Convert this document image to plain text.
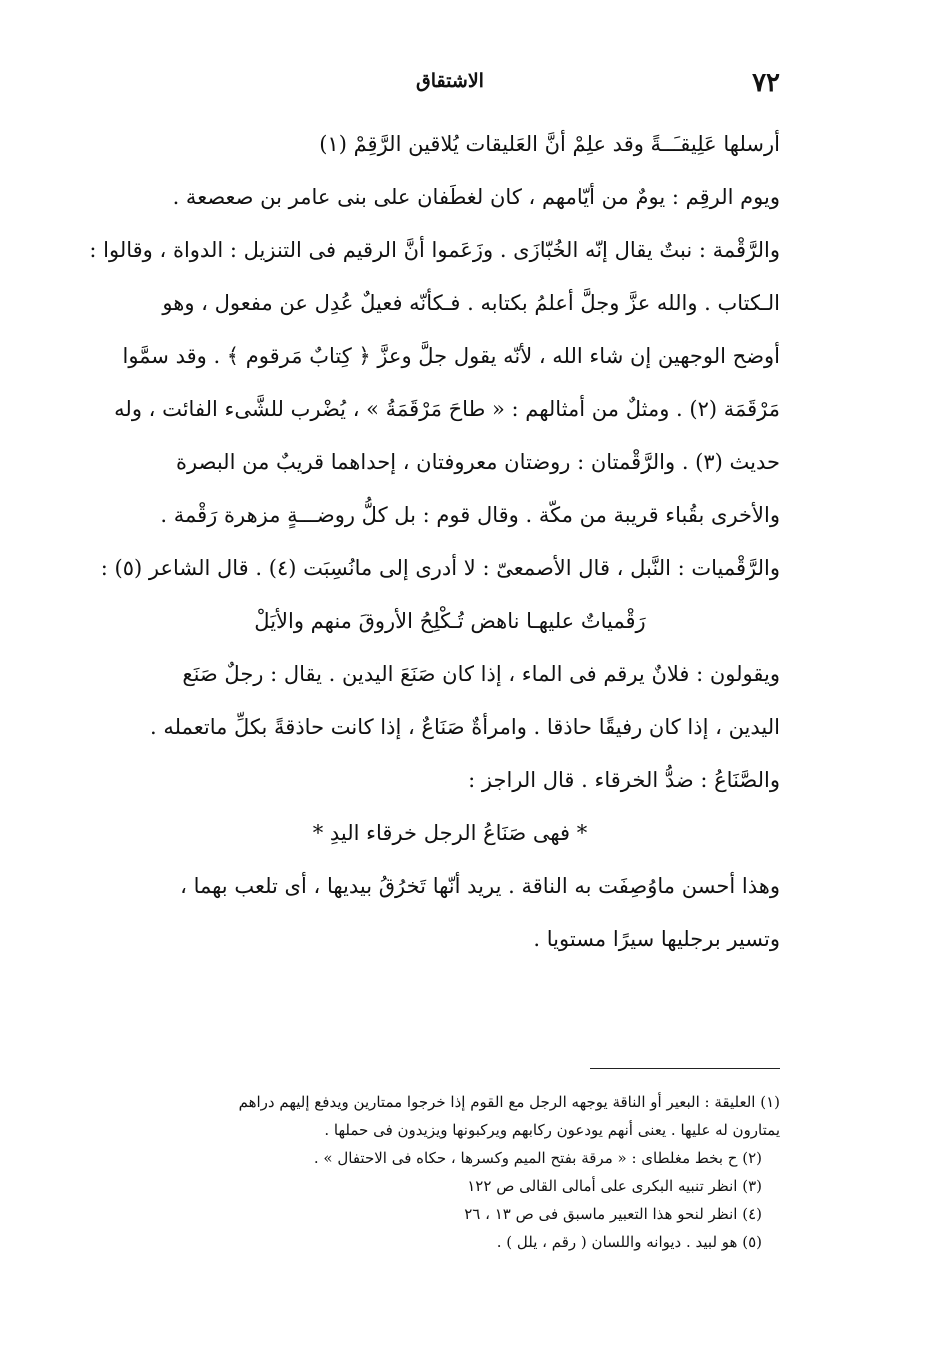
٧٢
الاشتقاق
أرسلها عَلِيقـَــةً وقد علِمْ أنَّ العَليقات يُلاقين الرَّقِمْ (١)
ويوم الرقِم : يومٌ من أيّامهم ، كان لغطَفان على بنى عامر بن صعصعة .
والرَّقْمة : نبتٌ يقال إنّه الخُبّازَى . وزَعَموا أنَّ الرقيم فى التنزيل : الدواة ، وقالوا :
الـكتاب . والله عزَّ وجلَّ أعلمُ بكتابه . فـكأنّه فعيلٌ عُدِل عن مفعول ، وهو
أوضح الوجهين إن شاء الله ، لأنّه يقول جلَّ وعزَّ ﴿ كِتابٌ مَرقوم ﴾ . وقد سمَّوا
مَرْقَمَة (٢) . ومثلٌ من أمثالهم : « طاحَ مَرْقَمَةُ » ، يُضْرب للشَّىء الفائت ، وله
حديث (٣) . والرَّقْمتان : روضتان معروفتان ، إحداهما قريبٌ من البصرة
والأخرى بقُباء قريبة من مكّة . وقال قوم : بل كلُّ روضـــةٍ مزهرة رَقْمة .
والرَّقْميات : النَّبل ، قال الأصمعىّ : لا أدرى إلى مانُسِبَت (٤) . قال الشاعر (٥) :
رَقْمياتٌ عليهـا ناهض تُـكْلِحُ الأروقَ منهم والأيَلْ
ويقولون : فلانٌ يرقم فى الماء ، إذا كان صَنَعَ اليدين . يقال : رجلٌ صَنَع
اليدين ، إذا كان رفيقًا حاذقا . وامرأةٌ صَنَاعٌ ، إذا كانت حاذقةً بكلِّ ماتعمله .
والصَّنَاعُ : ضدُّ الخرقاء . قال الراجز :
* فهى صَنَاعُ الرجل خرقاء اليدِ *
وهذا أحسن ماوُصِفَت به الناقة . يريد أنّها تَخرُقُ بيديها ، أى تلعب بهما ،
وتسير برجليها سيرًا مستويا .
(١) العليقة : البعير أو الناقة يوجهه الرجل مع القوم إذا خرجوا ممتارين ويدفع إليهم دراهم
يمتارون له عليها . يعنى أنهم يودعون ركابهم ويركبونها ويزيدون فى حملها .
(٢) ح بخط مغلطاى : « مرقة بفتح الميم وكسرها ، حكاه فى الاحتفال » .
(٣) انظر تنبيه البكرى على أمالى القالى ص ١٢٢
(٤) انظر لنحو هذا التعبير ماسبق فى ص ١٣ ، ٢٦
(٥) هو لبيد . ديوانه واللسان ( رقم ، يلل ) .
